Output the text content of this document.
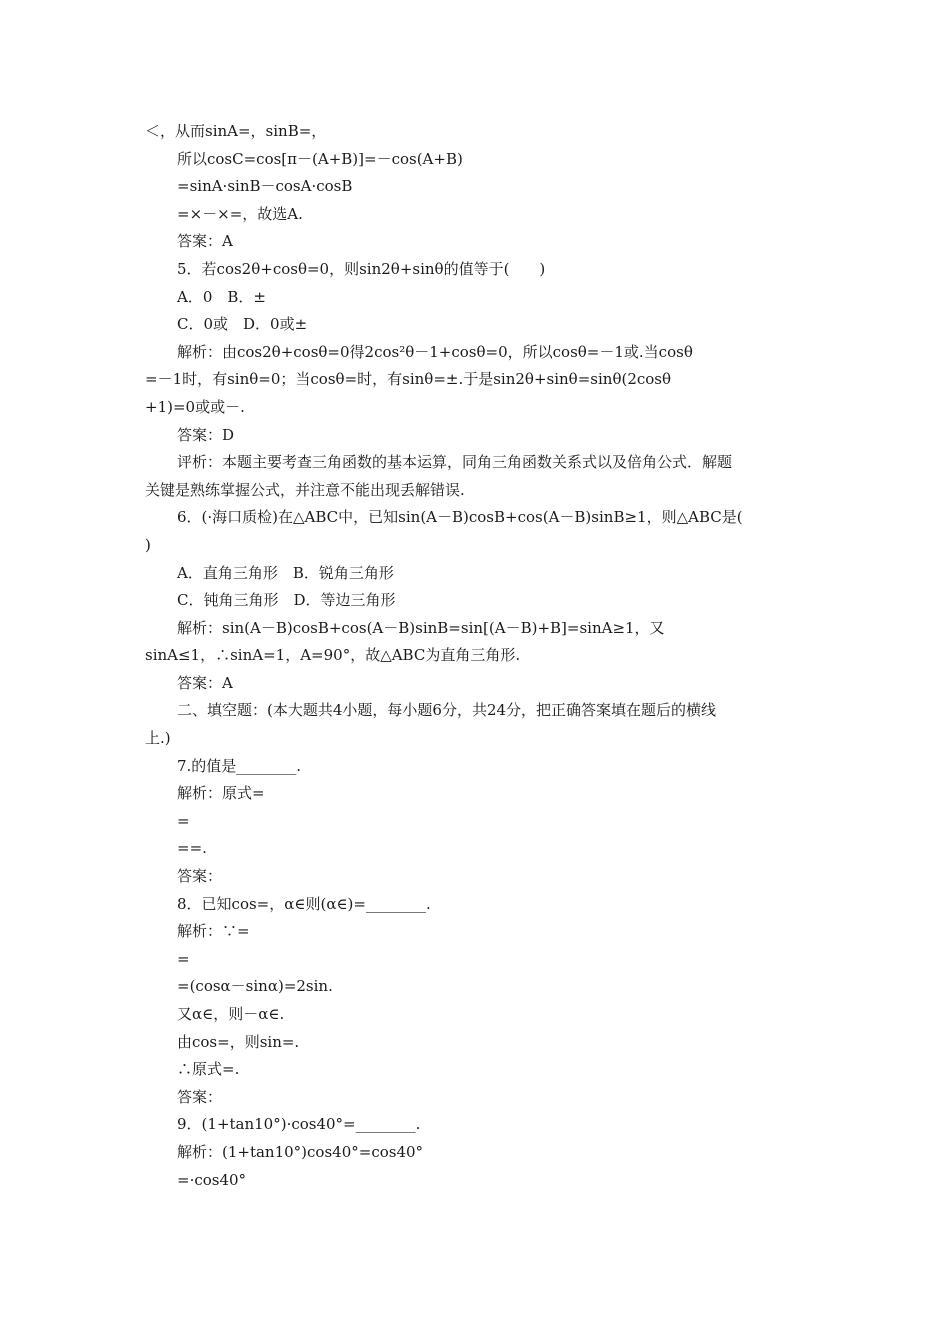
＜，从而sinA=，sinB=，
所以cosC=cos[π－(A+B)]=－cos(A+B)
=sinA·sinB－cosA·cosB
=×－×=，故选A.
答案：A
5．若cos2θ+cosθ=0，则sin2θ+sinθ的值等于(　　)
A．0　B．±
C．0或　D．0或±
解析：由cos2θ+cosθ=0得2cos²θ－1+cosθ=0，所以cosθ=－1或.当cosθ
=－1时，有sinθ=0；当cosθ=时，有sinθ=±.于是sin2θ+sinθ=sinθ(2cosθ
+1)=0或或－.
答案：D
评析：本题主要考查三角函数的基本运算，同角三角函数关系式以及倍角公式．解题
关键是熟练掌握公式，并注意不能出现丢解错误.
6．(·海口质检)在△ABC中，已知sin(A－B)cosB+cos(A－B)sinB≥1，则△ABC是(
)
A．直角三角形　B．锐角三角形
C．钝角三角形　D．等边三角形
解析：sin(A－B)cosB+cos(A－B)sinB=sin[(A－B)+B]=sinA≥1，又
sinA≤1，∴sinA=1，A=90°，故△ABC为直角三角形.
答案：A
二、填空题：(本大题共4小题，每小题6分，共24分，把正确答案填在题后的横线
上.)
7.的值是________.
解析：原式=
=
==.
答案：
8．已知cos=，α∈则(α∈)=________.
解析：∵=
=
=(cosα－sinα)=2sin.
又α∈，则－α∈.
由cos=，则sin=.
∴原式=.
答案：
9．(1+tan10°)·cos40°=________.
解析：(1+tan10°)cos40°=cos40°
=·cos40°
